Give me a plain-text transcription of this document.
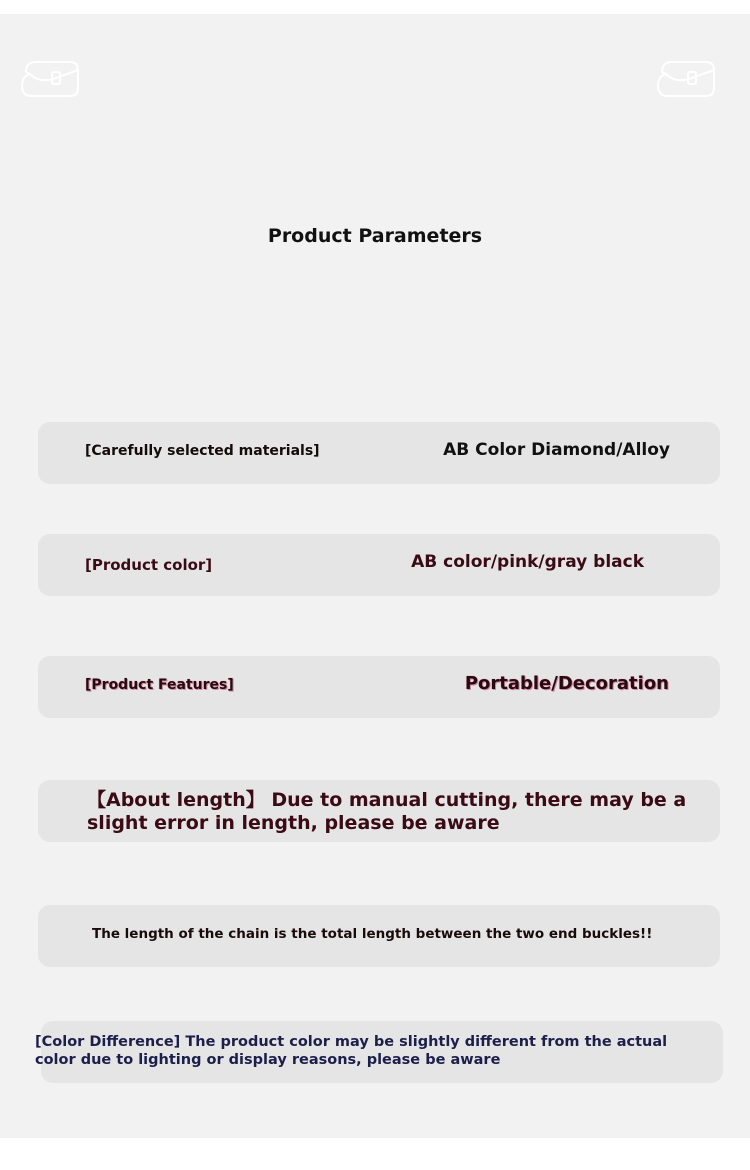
Product Parameters
[Carefully selected materials]	AB Color Diamond/Alloy
[Product color]	AB color/pink/gray black
[Product Features]	Portable/Decoration
【About length】 Due to manual cutting, there may be a slight error in length, please be aware
The length of the chain is the total length between the two end buckles!!
[Color Difference] The product color may be slightly different from the actual color due to lighting or display reasons, please be aware
